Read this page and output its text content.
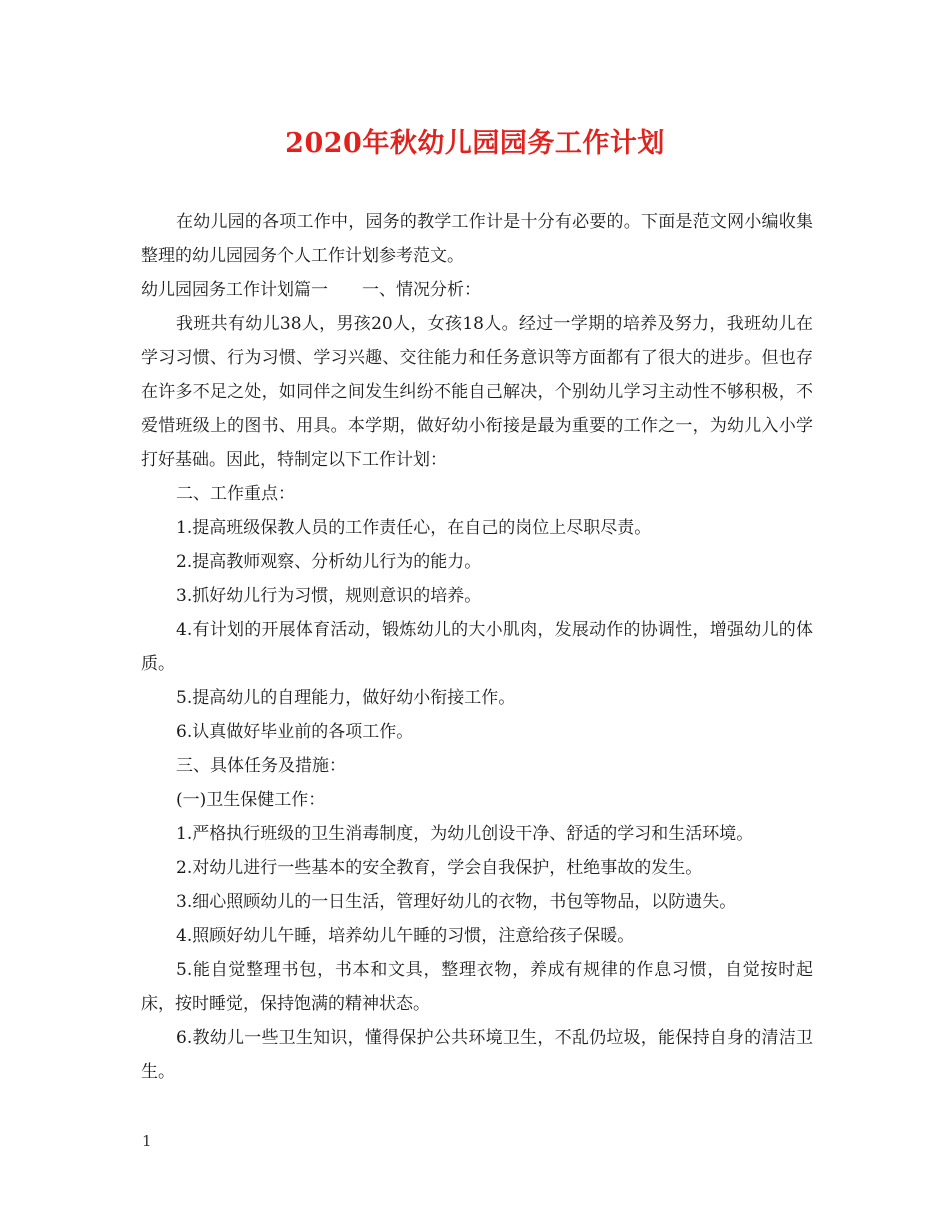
2020年秋幼儿园园务工作计划

在幼儿园的各项工作中，园务的教学工作计是十分有必要的。下面是范文网小编收集整理的幼儿园园务个人工作计划参考范文。

幼儿园园务工作计划篇一　　一、情况分析：

我班共有幼儿38人，男孩20人，女孩18人。经过一学期的培养及努力，我班幼儿在学习习惯、行为习惯、学习兴趣、交往能力和任务意识等方面都有了很大的进步。但也存在许多不足之处，如同伴之间发生纠纷不能自己解决，个别幼儿学习主动性不够积极，不爱惜班级上的图书、用具。本学期，做好幼小衔接是最为重要的工作之一，为幼儿入小学打好基础。因此，特制定以下工作计划：

二、工作重点：

1.提高班级保教人员的工作责任心，在自己的岗位上尽职尽责。

2.提高教师观察、分析幼儿行为的能力。

3.抓好幼儿行为习惯，规则意识的培养。

4.有计划的开展体育活动，锻炼幼儿的大小肌肉，发展动作的协调性，增强幼儿的体质。

5.提高幼儿的自理能力，做好幼小衔接工作。

6.认真做好毕业前的各项工作。

三、具体任务及措施：

(一)卫生保健工作：

1.严格执行班级的卫生消毒制度，为幼儿创设干净、舒适的学习和生活环境。

2.对幼儿进行一些基本的安全教育，学会自我保护，杜绝事故的发生。

3.细心照顾幼儿的一日生活，管理好幼儿的衣物，书包等物品，以防遗失。

4.照顾好幼儿午睡，培养幼儿午睡的习惯，注意给孩子保暖。

5.能自觉整理书包，书本和文具，整理衣物，养成有规律的作息习惯，自觉按时起床，按时睡觉，保持饱满的精神状态。

6.教幼儿一些卫生知识，懂得保护公共环境卫生，不乱仍垃圾，能保持自身的清洁卫生。

1
